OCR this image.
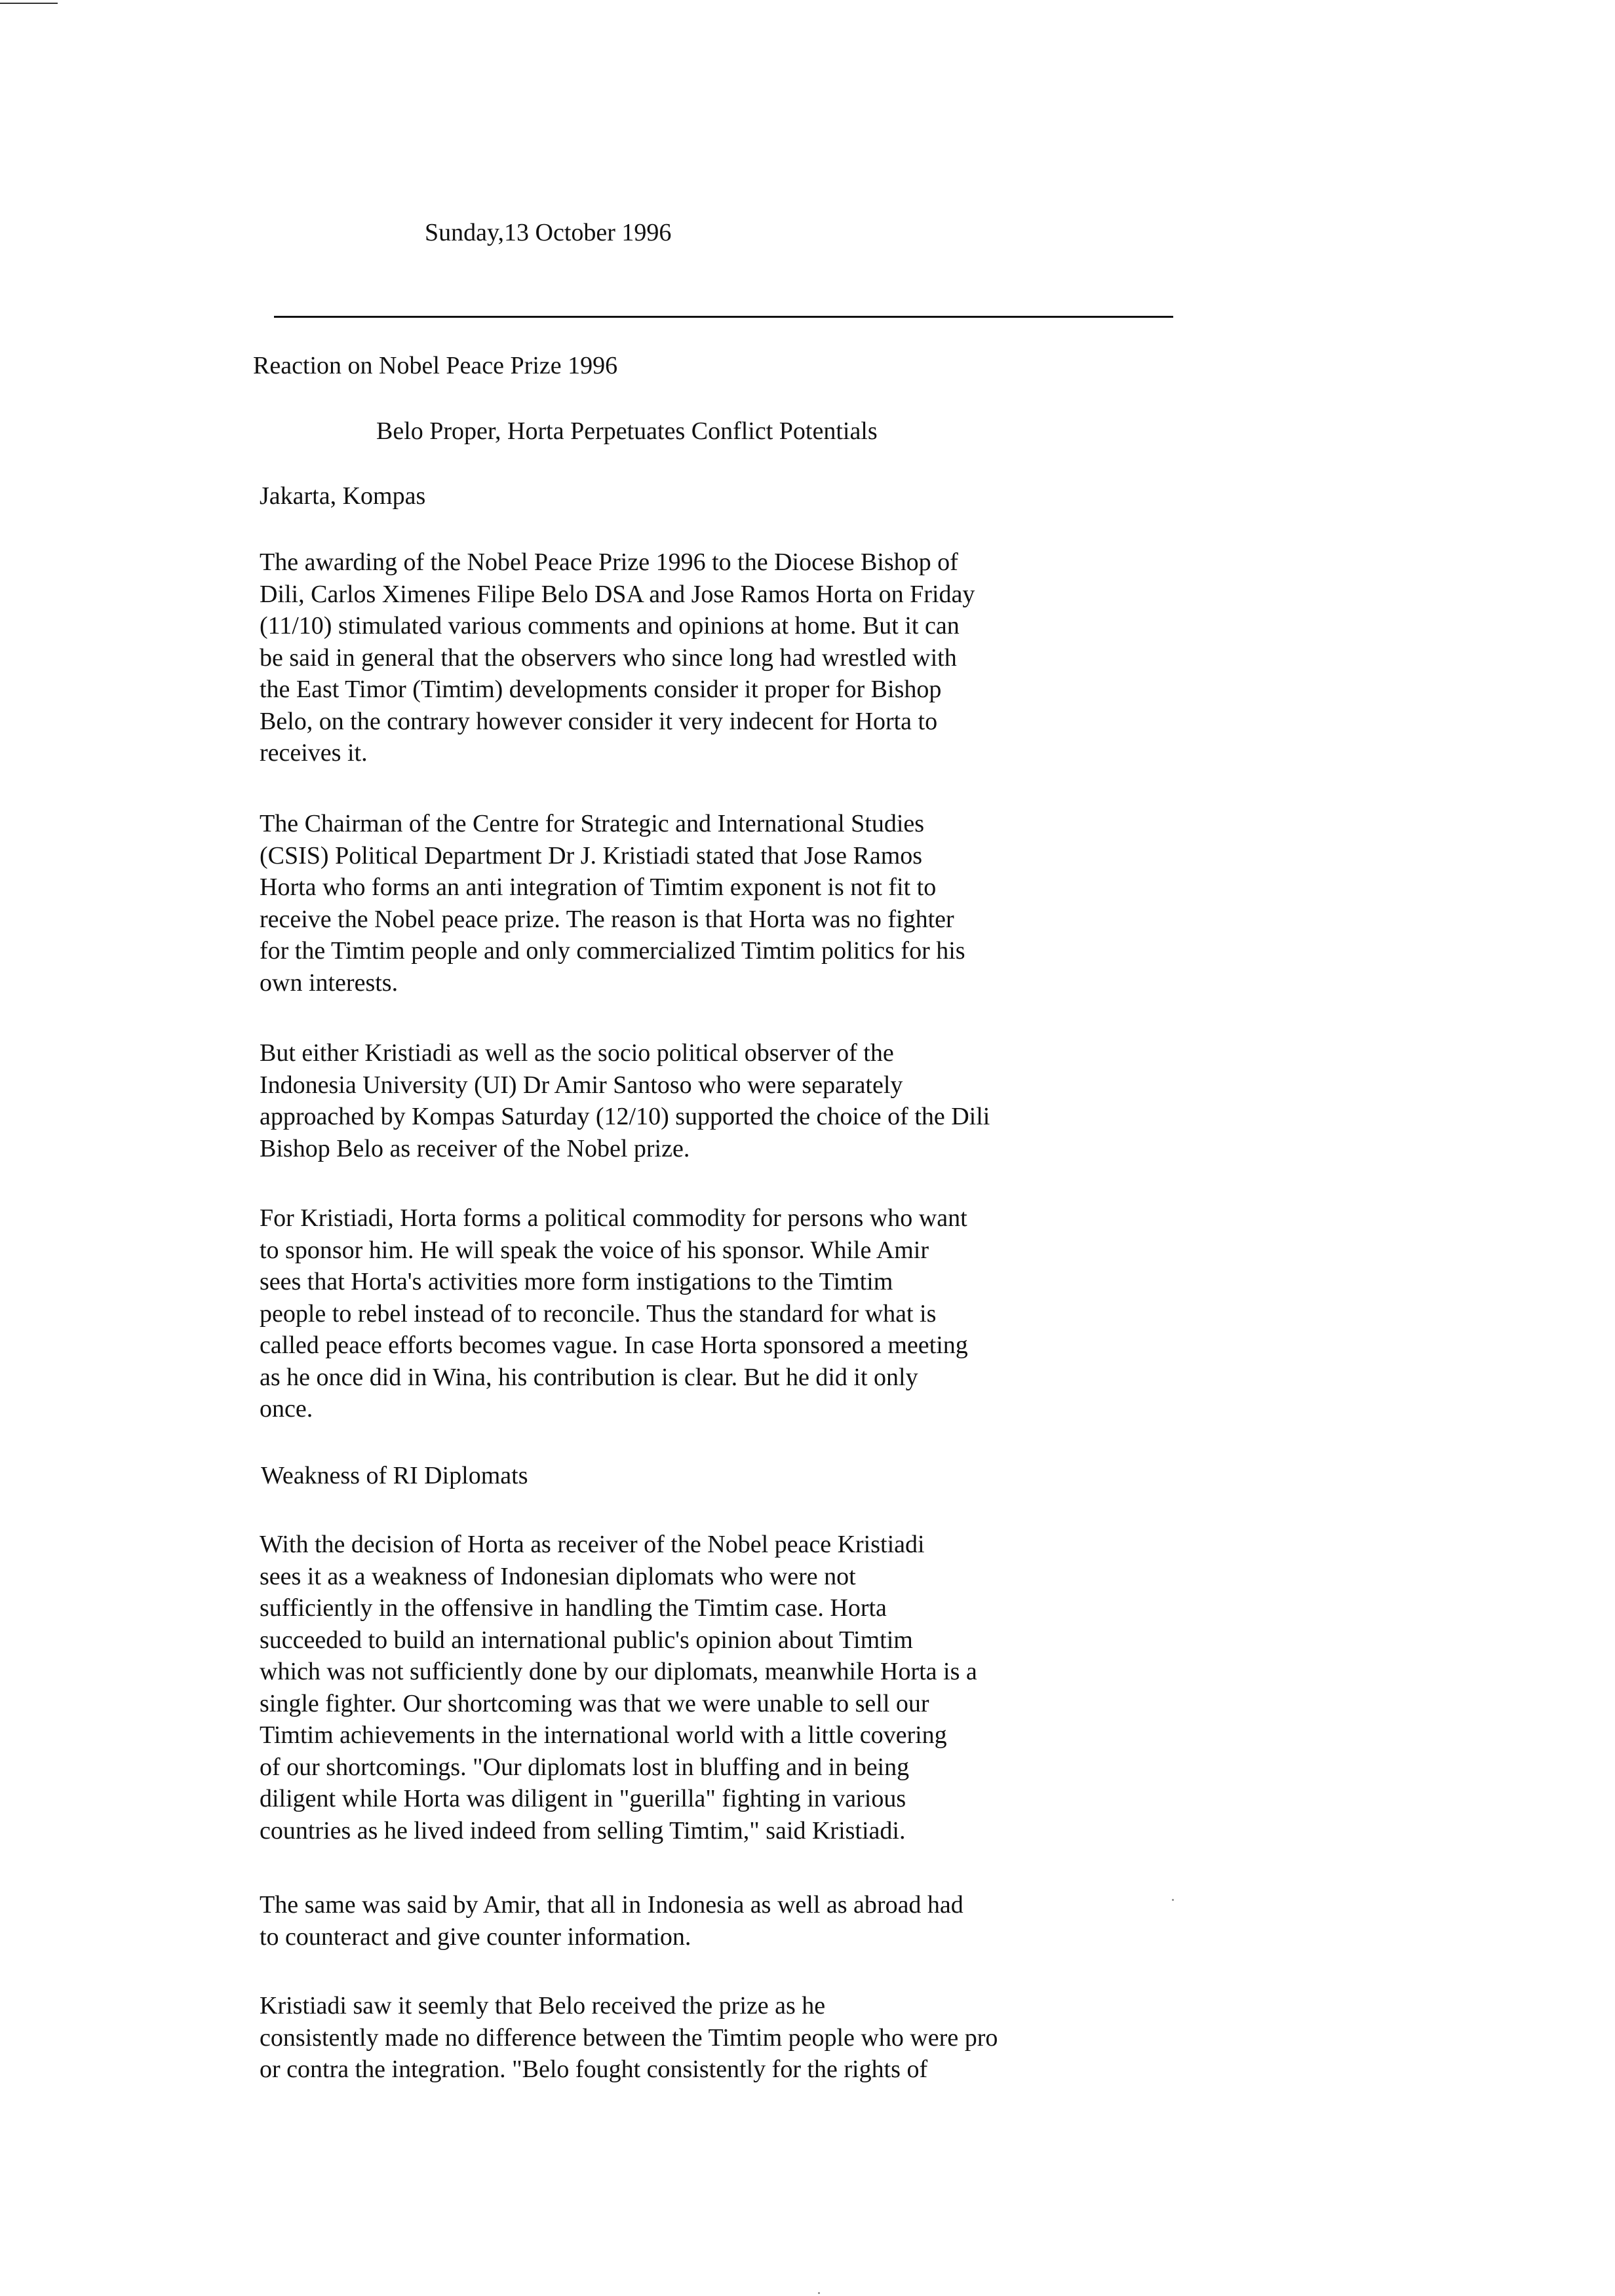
Sunday,13 October 1996
Reaction on Nobel Peace Prize 1996
Belo Proper, Horta Perpetuates Conflict Potentials
Jakarta, Kompas
The awarding of the Nobel Peace Prize 1996 to the Diocese Bishop of
Dili, Carlos Ximenes Filipe Belo DSA and Jose Ramos Horta on Friday
(11/10) stimulated various comments and opinions at home. But it can
be said in general that the observers who since long had wrestled with
the East Timor (Timtim) developments consider it proper for Bishop
Belo, on the contrary however consider it very indecent for Horta to
receives it.
The Chairman of the Centre for Strategic and International Studies
(CSIS) Political Department Dr J. Kristiadi stated that Jose Ramos
Horta who forms an anti integration of Timtim exponent is not fit to
receive the Nobel peace prize. The reason is that Horta was no fighter
for the Timtim people and only commercialized Timtim politics for his
own interests.
But either Kristiadi as well as the socio political observer of the
Indonesia University (UI) Dr Amir Santoso who were separately
approached by Kompas Saturday (12/10) supported the choice of the Dili
Bishop Belo as receiver of the Nobel prize.
For Kristiadi, Horta forms a political commodity for persons who want
to sponsor him. He will speak the voice of his sponsor. While Amir
sees that Horta's activities more form instigations to the Timtim
people to rebel instead of to reconcile. Thus the standard for what is
called peace efforts becomes vague. In case Horta sponsored a meeting
as he once did in Wina, his contribution is clear. But he did it only
once.
Weakness of RI Diplomats
With the decision of Horta as receiver of the Nobel peace Kristiadi
sees it as a weakness of Indonesian diplomats who were not
sufficiently in the offensive in handling the Timtim case. Horta
succeeded to build an international public's opinion about Timtim
which was not sufficiently done by our diplomats, meanwhile Horta is a
single fighter. Our shortcoming was that we were unable to sell our
Timtim achievements in the international world with a little covering
of our shortcomings. "Our diplomats lost in bluffing and in being
diligent while Horta was diligent in "guerilla" fighting in various
countries as he lived indeed from selling Timtim," said Kristiadi.
The same was said by Amir, that all in Indonesia as well as abroad had
to counteract and give counter information.
Kristiadi saw it seemly that Belo received the prize as he
consistently made no difference between the Timtim people who were pro
or contra the integration. "Belo fought consistently for the rights of
